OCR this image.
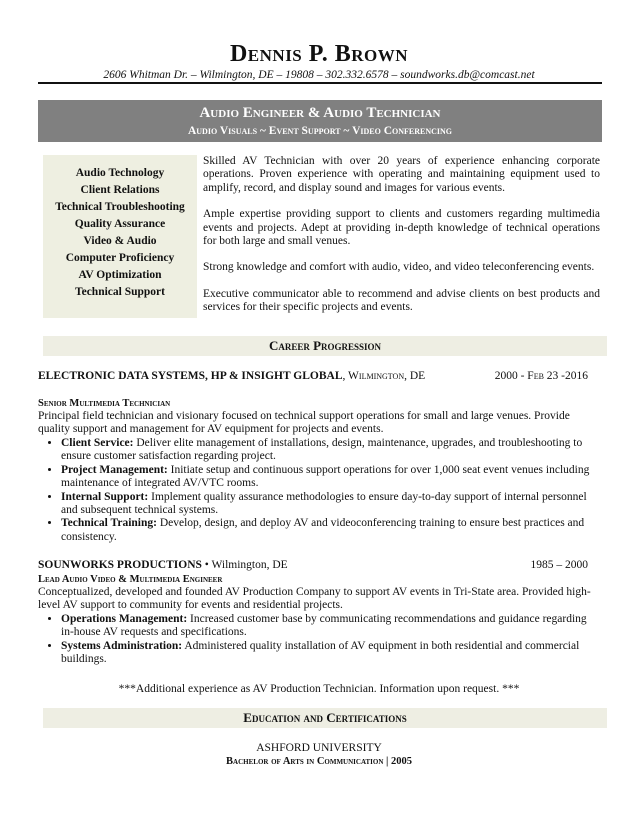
Dennis P. Brown
2606 Whitman Dr. – Wilmington, DE – 19808 – 302.332.6578 – soundworks.db@comcast.net
Audio Engineer & Audio Technician
Audio Visuals ~ Event Support ~ Video Conferencing
Audio Technology
Client Relations
Technical Troubleshooting
Quality Assurance
Video & Audio
Computer Proficiency
AV Optimization
Technical Support

Skilled AV Technician with over 20 years of experience enhancing corporate operations. Proven experience with operating and maintaining equipment used to amplify, record, and display sound and images for various events.

Ample expertise providing support to clients and customers regarding multimedia events and projects. Adept at providing in-depth knowledge of technical operations for both large and small venues.

Strong knowledge and comfort with audio, video, and video teleconferencing events.

Executive communicator able to recommend and advise clients on best products and services for their specific projects and events.

Career Progression
ELECTRONIC DATA SYSTEMS, HP & INSIGHT GLOBAL, Wilmington, DE	2000 - Feb 23 -2016
Senior Multimedia Technician

Principal field technician and visionary focused on technical support operations for small and large venues. Provide quality support and management for AV equipment for projects and events.

• Client Service: Deliver elite management of installations, design, maintenance, upgrades, and troubleshooting to ensure customer satisfaction regarding project.
• Project Management: Initiate setup and continuous support operations for over 1,000 seat event venues including maintenance of integrated AV/VTC rooms.
• Internal Support: Implement quality assurance methodologies to ensure day-to-day support of internal personnel and subsequent technical systems.
• Technical Training: Develop, design, and deploy AV and videoconferencing training to ensure best practices and consistency.
SOUNWORKS PRODUCTIONS • Wilmington, DE	1985 – 2000
Lead Audio Video & Multimedia Engineer

Conceptualized, developed and founded AV Production Company to support AV events in Tri-State area. Provided high-level AV support to community for events and residential projects.

• Operations Management: Increased customer base by communicating recommendations and guidance regarding in-house AV requests and specifications.
• Systems Administration: Administered quality installation of AV equipment in both residential and commercial buildings.
***Additional experience as AV Production Technician. Information upon request. ***
Education and Certifications
ASHFORD UNIVERSITY
Bachelor of Arts in Communication | 2005
